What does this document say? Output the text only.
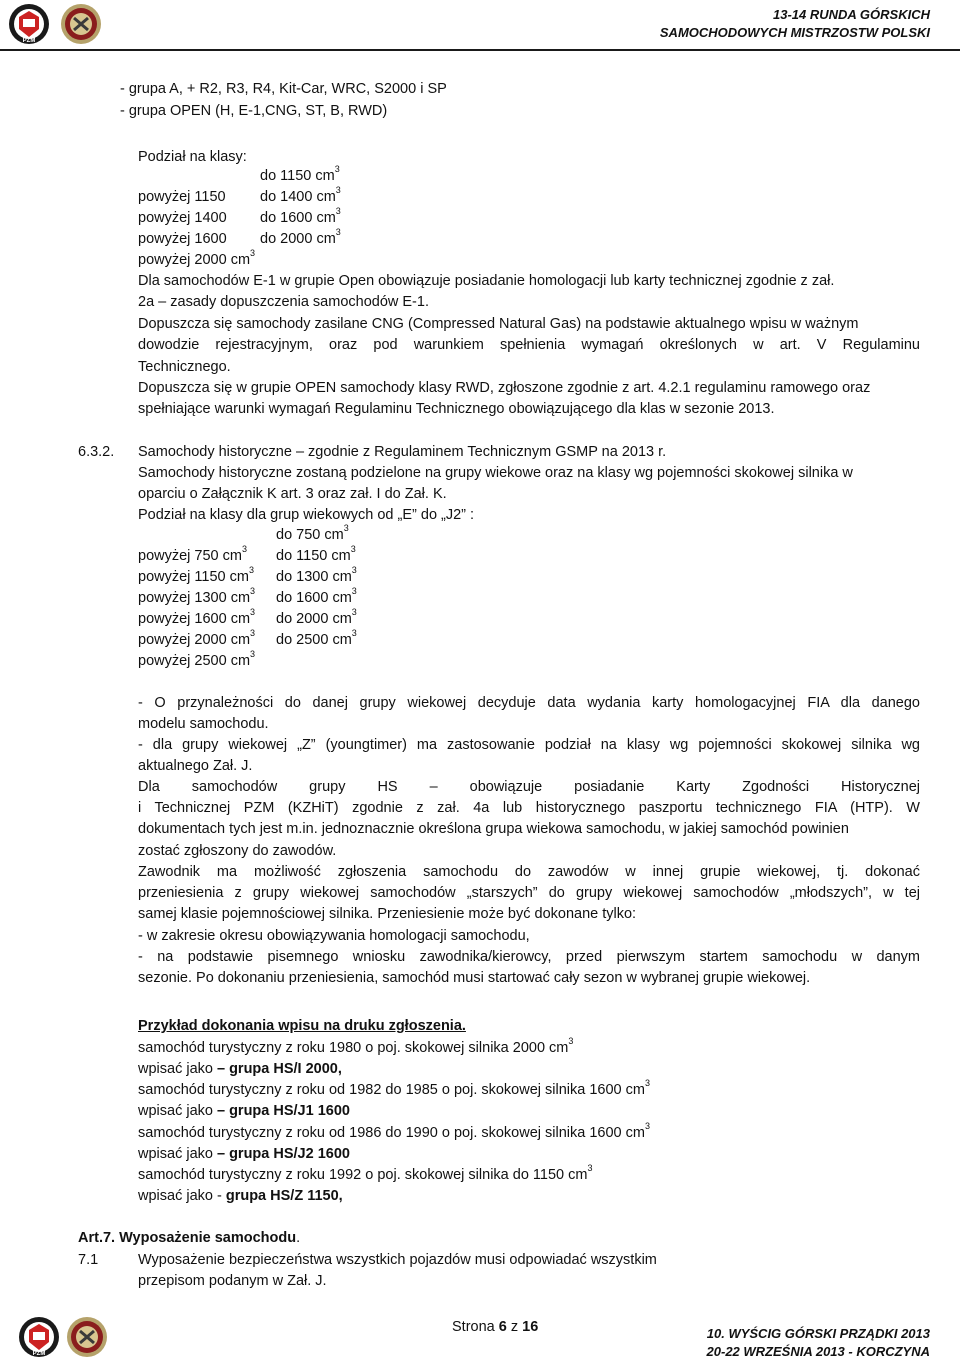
PZM
13-14 RUNDA GÓRSKICH
SAMOCHODOWYCH MISTRZOSTW POLSKI
- grupa A, + R2, R3, R4, Kit-Car, WRC, S2000 i SP
- grupa OPEN (H, E-1,CNG, ST, B, RWD)
Podział na klasy:
do 1150 $cm^3$
powyżej 1150 do 1400 $cm^3$
powyżej 1400 do 1600 $cm^3$
powyżej 1600 do 2000 $cm^3$
powyżej 2000 $cm^3$
Dla samochodów E-1 w grupie Open obowiązuje posiadanie homologacji lub karty technicznej zgodnie z zał.
2a – zasady dopuszczenia samochodów E-1.
Dopuszcza się samochody zasilane CNG (Compressed Natural Gas) na podstawie aktualnego wpisu w ważnym
dowodzie rejestracyjnym, oraz pod warunkiem spełnienia wymagań określonych w art. V Regulaminu
Technicznego.
Dopuszcza się w grupie OPEN samochody klasy RWD, zgłoszone zgodnie z art. 4.2.1 regulaminu ramowego oraz
spełniające warunki wymagań Regulaminu Technicznego obowiązującego dla klas w sezonie 2013.
6.3.2. Samochody historyczne – zgodnie z Regulaminem Technicznym GSMP na 2013 r.
Samochody historyczne zostaną podzielone na grupy wiekowe oraz na klasy wg pojemności skokowej silnika w
oparciu o Załącznik K art. 3 oraz zał. I do Zał. K.
Podział na klasy dla grup wiekowych od „E” do „J2” :
do 750 $cm^3$
powyżej 750 $cm^3$ do 1150 $cm^3$
powyżej 1150 $cm^3$ do 1300 $cm^3$
powyżej 1300 $cm^3$ do 1600 $cm^3$
powyżej 1600 $cm^3$ do 2000 $cm^3$
powyżej 2000 $cm^3$ do 2500 $cm^3$
powyżej 2500 $cm^3$
- O przynależności do danej grupy wiekowej decyduje data wydania karty homologacyjnej FIA dla danego
modelu samochodu.
- dla grupy wiekowej „Z” (youngtimer) ma zastosowanie podział na klasy wg pojemności skokowej silnika wg
aktualnego Zał. J.
Dla samochodów grupy HS – obowiązuje posiadanie Karty Zgodności Historycznej
i Technicznej PZM (KZHiT) zgodnie z zał. 4a lub historycznego paszportu technicznego FIA (HTP). W
dokumentach tych jest m.in. jednoznacznie określona grupa wiekowa samochodu, w jakiej samochód powinien
zostać zgłoszony do zawodów.
Zawodnik ma możliwość zgłoszenia samochodu do zawodów w innej grupie wiekowej, tj. dokonać
przeniesienia z grupy wiekowej samochodów „starszych” do grupy wiekowej samochodów „młodszych”, w tej
samej klasie pojemnościowej silnika. Przeniesienie może być dokonane tylko:
- w zakresie okresu obowiązywania homologacji samochodu,
- na podstawie pisemnego wniosku zawodnika/kierowcy, przed pierwszym startem samochodu w danym
sezonie. Po dokonaniu przeniesienia, samochód musi startować cały sezon w wybranej grupie wiekowej.
Przykład dokonania wpisu na druku zgłoszenia.
samochód turystyczny z roku 1980 o poj. skokowej silnika 2000 $cm^3$
wpisać jako – grupa HS/I 2000,
samochód turystyczny z roku od 1982 do 1985 o poj. skokowej silnika 1600 $cm^3$
wpisać jako – grupa HS/J1 1600
samochód turystyczny z roku od 1986 do 1990 o poj. skokowej silnika 1600 $cm^3$
wpisać jako – grupa HS/J2 1600
samochód turystyczny z roku 1992 o poj. skokowej silnika do 1150 $cm^3$
wpisać jako - grupa HS/Z 1150,
Art.7. Wyposażenie samochodu.
7.1	Wyposażenie bezpieczeństwa wszystkich pojazdów musi odpowiadać wszystkim
przepisom podanym w Zał. J.
PZM
Strona 6 z 16	10. WYŚCIG GÓRSKI PRZĄDKI 2013
20-22 WRZEŚNIA 2013 - KORCZYNA
